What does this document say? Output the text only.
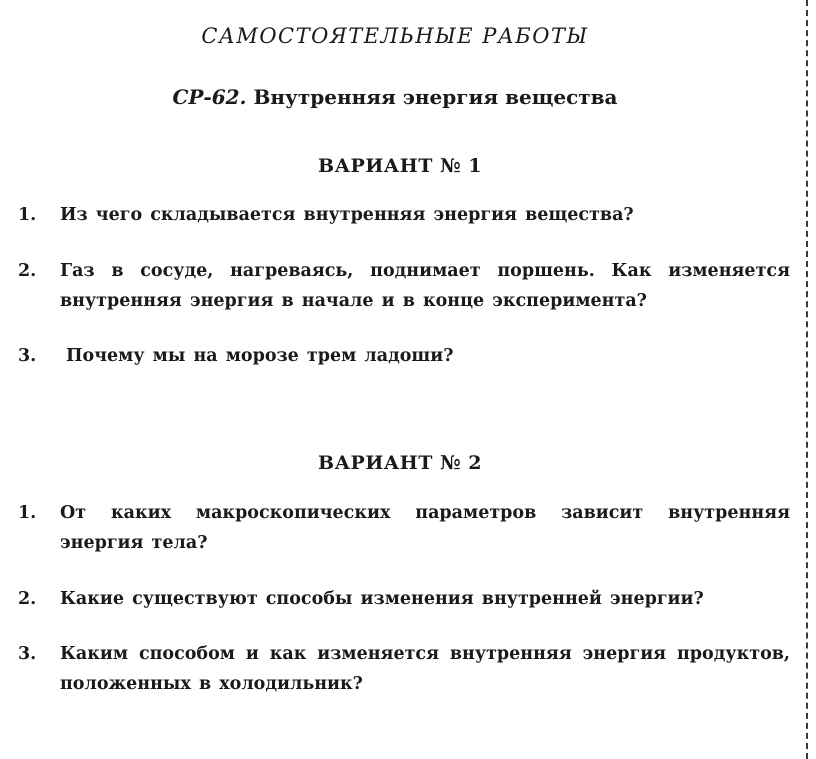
САМОСТОЯТЕЛЬНЫЕ РАБОТЫ
СР-62. Внутренняя энергия вещества
ВАРИАНТ № 1
1.	Из чего складывается внутренняя энергия вещества?
2.	Газ в сосуде, нагреваясь, поднимает поршень. Как изменяется внутренняя энергия в начале и в конце эксперимента?
3.	Почему мы на морозе трем ладоши?
ВАРИАНТ № 2
1.	От каких макроскопических параметров зависит внутренняя энергия тела?
2.	Какие существуют способы изменения внутренней энергии?
3.	Каким способом и как изменяется внутренняя энергия продуктов, положенных в холодильник?
